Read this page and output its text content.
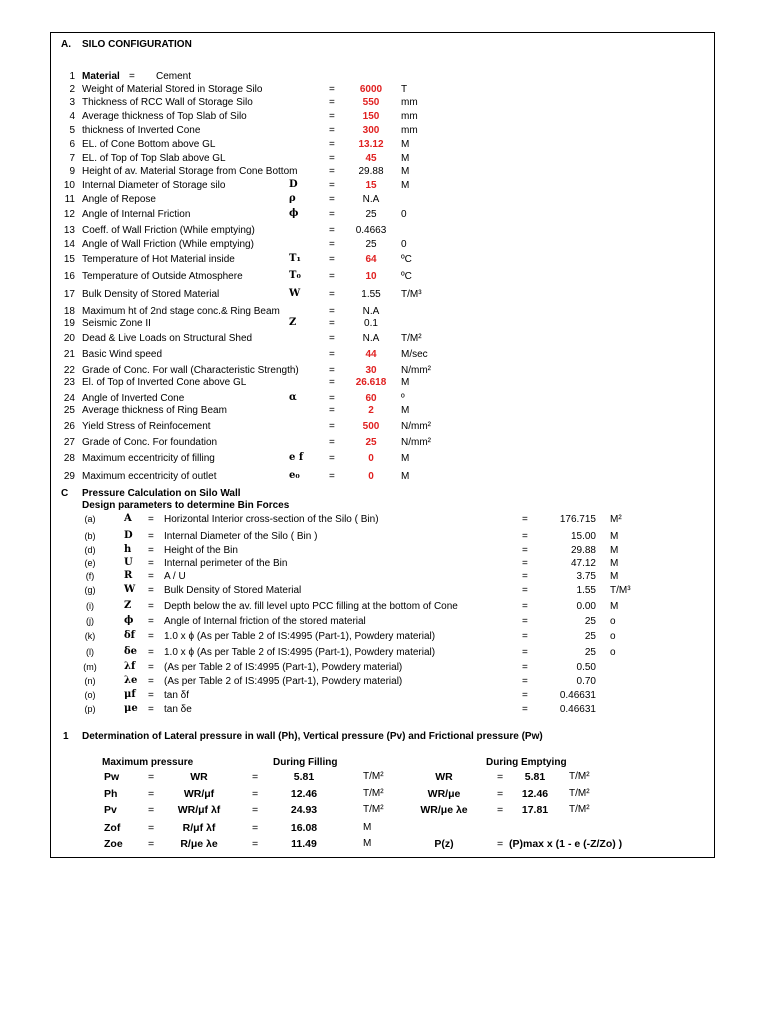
A. SILO CONFIGURATION
1 Material = Cement
2 Weight of Material Stored in Storage Silo	=	6000	T
3 Thickness of RCC Wall of Storage Silo	=	550	mm
4 Average thickness of Top Slab of Silo	=	150	mm
5 thickness of Inverted Cone	=	300	mm
6 EL. of Cone Bottom above GL	=	13.12	M
7 EL. of Top of Top Slab above GL	=	45	M
9 Height of av. Material Storage from Cone Bottom	=	29.88	M
10 Internal Diameter of Storage silo	D	=	15	M
11 Angle of Repose	ρ	=	N.A
12 Angle of Internal Friction	ϕ	=	25	0
13 Coeff. of Wall Friction (While emptying)	=	0.4663
14 Angle of Wall Friction (While emptying)	=	25	0
15 Temperature of Hot Material inside	T₁	=	64	ºC
16 Temperature of Outside Atmosphere	T₀	=	10	ºC
17 Bulk Density of Stored Material	W	=	1.55	T/M³
18 Maximum ht of 2nd stage conc.& Ring Beam	=	N.A
19 Seismic Zone II	Z	=	0.1
20 Dead & Live Loads on Structural Shed	=	N.A	T/M²
21 Basic Wind speed	=	44	M/sec
22 Grade of Conc. For wall (Characteristic Strength)	=	30	N/mm²
23 El. of Top of Inverted Cone above GL	=	26.618	M
24 Angle of Inverted Cone	α	=	60	º
25 Average thickness of Ring Beam	=	2	M
26 Yield Stress of Reinfocement	=	500	N/mm²
27 Grade of Conc. For foundation	=	25	N/mm²
28 Maximum eccentricity of filling	e f	=	0	M
29 Maximum eccentricity of outlet	e₀	=	0	M
C Pressure Calculation on Silo Wall
Design parameters to determine Bin Forces
(a)	A = Horizontal Interior cross-section of the Silo ( Bin)	=	176.715 M²
(b)	D = Internal Diameter of the Silo ( Bin )	=	15.00 M
(d)	h = Height of the Bin	=	29.88 M
(e)	U = Internal perimeter of the Bin	=	47.12 M
(f)	R = A / U	=	3.75 M
(g)	W = Bulk Density of Stored Material	=	1.55 T/M³
(i)	Z = Depth below the av. fill level upto PCC filling at the bottom of Cone	=	0.00 M
(j)	ϕ = Angle of Internal friction of the stored material	=	25 o
(k)	δf = 1.0 x ϕ (As per Table 2 of IS:4995 (Part-1), Powdery material)	=	25 o
(l)	δe = 1.0 x ϕ (As per Table 2 of IS:4995 (Part-1), Powdery material)	=	25 o
(m)	λf = (As per Table 2 of IS:4995 (Part-1), Powdery material)	=	0.50
(n)	λe = (As per Table 2 of IS:4995 (Part-1), Powdery material)	=	0.70
(o)	μf = tan δf	=	0.46631
(p)	μe = tan δe	=	0.46631
1 Determination of Lateral pressure in wall (Ph), Vertical pressure (Pv) and Frictional pressure (Pw)
Maximum pressure	During Filling	During Emptying
Pw	=	WR	=	5.81	T/M²	WR	=	5.81	T/M²
Ph	=	WR/μf	=	12.46	T/M²	WR/μe	=	12.46	T/M²
Pv	=	WR/μf λf	=	24.93	T/M²	WR/μe λe	=	17.81	T/M²
Zof	=	R/μf λf	=	16.08	M
Zoe =	R/μe λe	=	11.49	M	P(z)	= (P)max x (1 - e (-Z/Zo) )
